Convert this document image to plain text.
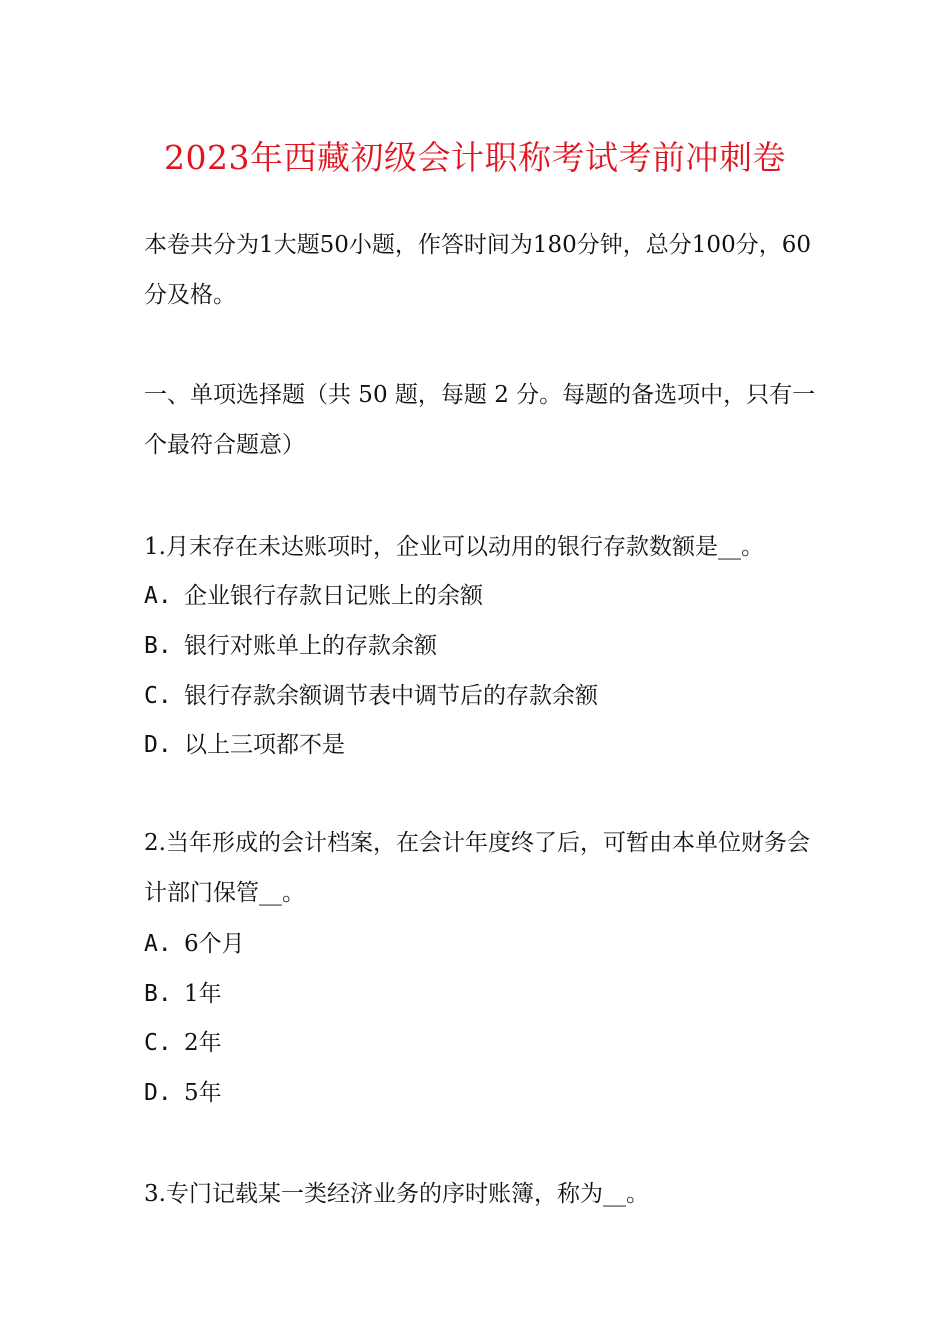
2023年西藏初级会计职称考试考前冲刺卷

本卷共分为1大题50小题，作答时间为180分钟，总分100分，60分及格。

一、单项选择题（共 50 题，每题 2 分。每题的备选项中，只有一个最符合题意）

1.月末存在未达账项时，企业可以动用的银行存款数额是__。
A. 企业银行存款日记账上的余额
B. 银行对账单上的存款余额
C. 银行存款余额调节表中调节后的存款余额
D. 以上三项都不是

2.当年形成的会计档案，在会计年度终了后，可暂由本单位财务会计部门保管__。

A. 6个月
B. 1年
C. 2年
D. 5年
3.专门记载某一类经济业务的序时账簿，称为__。
